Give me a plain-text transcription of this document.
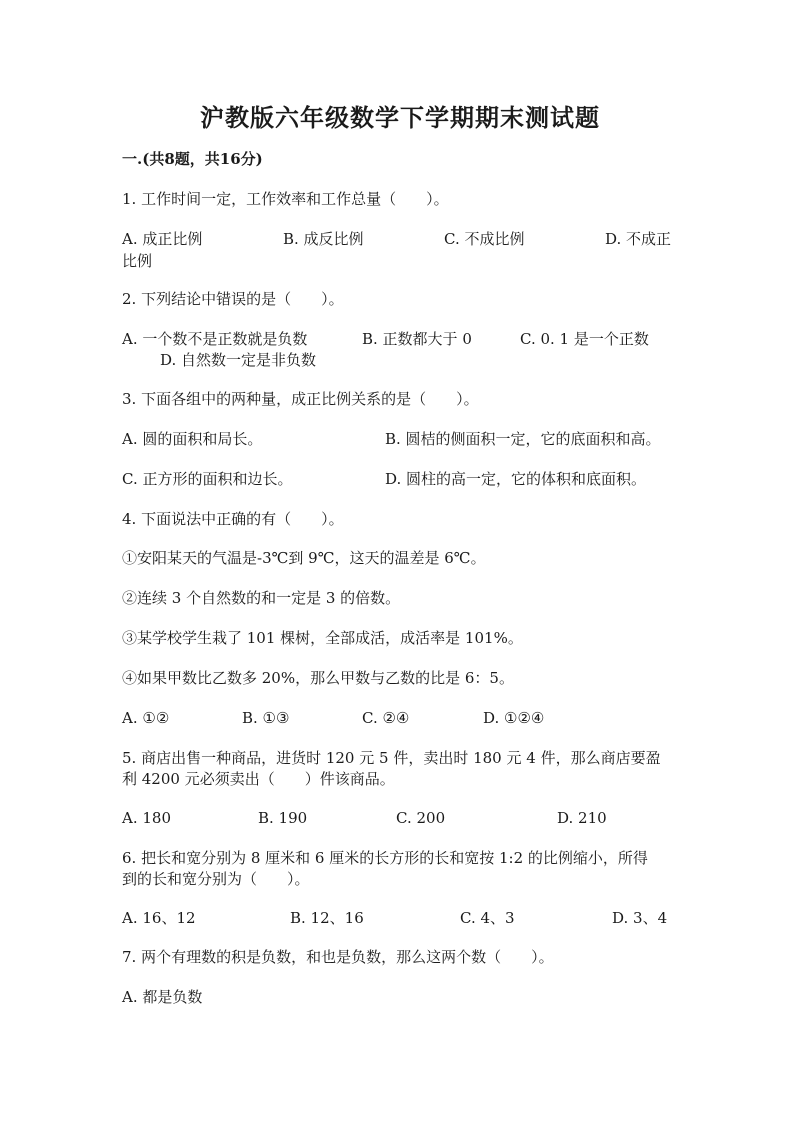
沪教版六年级数学下学期期末测试题
一.(共8题，共16分)
1. 工作时间一定，工作效率和工作总量（　　）。
A. 成正比例	B. 成反比例	C. 不成比例	D. 不成正
比例
2. 下列结论中错误的是（　　）。
A. 一个数不是正数就是负数	B. 正数都大于 0	C. 0. 1 是一个正数
D. 自然数一定是非负数
3. 下面各组中的两种量，成正比例关系的是（　　）。
A. 圆的面积和局长。	B. 圆桔的侧面积一定，它的底面积和高。
C. 正方形的面积和边长。	D. 圆柱的高一定，它的体积和底面积。
4. 下面说法中正确的有（　　）。
①安阳某天的气温是-3℃到 9℃，这天的温差是 6℃。
②连续 3 个自然数的和一定是 3 的倍数。
③某学校学生栽了 101 棵树，全部成活，成活率是 101%。
④如果甲数比乙数多 20%，那么甲数与乙数的比是 6：5。
A. ①②	B. ①③	C. ②④	D. ①②④
5. 商店出售一种商品，进货时 120 元 5 件，卖出时 180 元 4 件，那么商店要盈
利 4200 元必须卖出（　　）件该商品。
A. 180	B. 190	C. 200	D. 210
6. 把长和宽分别为 8 厘米和 6 厘米的长方形的长和宽按 1:2 的比例缩小，所得
到的长和宽分别为（　　）。
A. 16、12	B. 12、16	C. 4、3	D. 3、4
7. 两个有理数的积是负数，和也是负数，那么这两个数（　　）。
A. 都是负数
